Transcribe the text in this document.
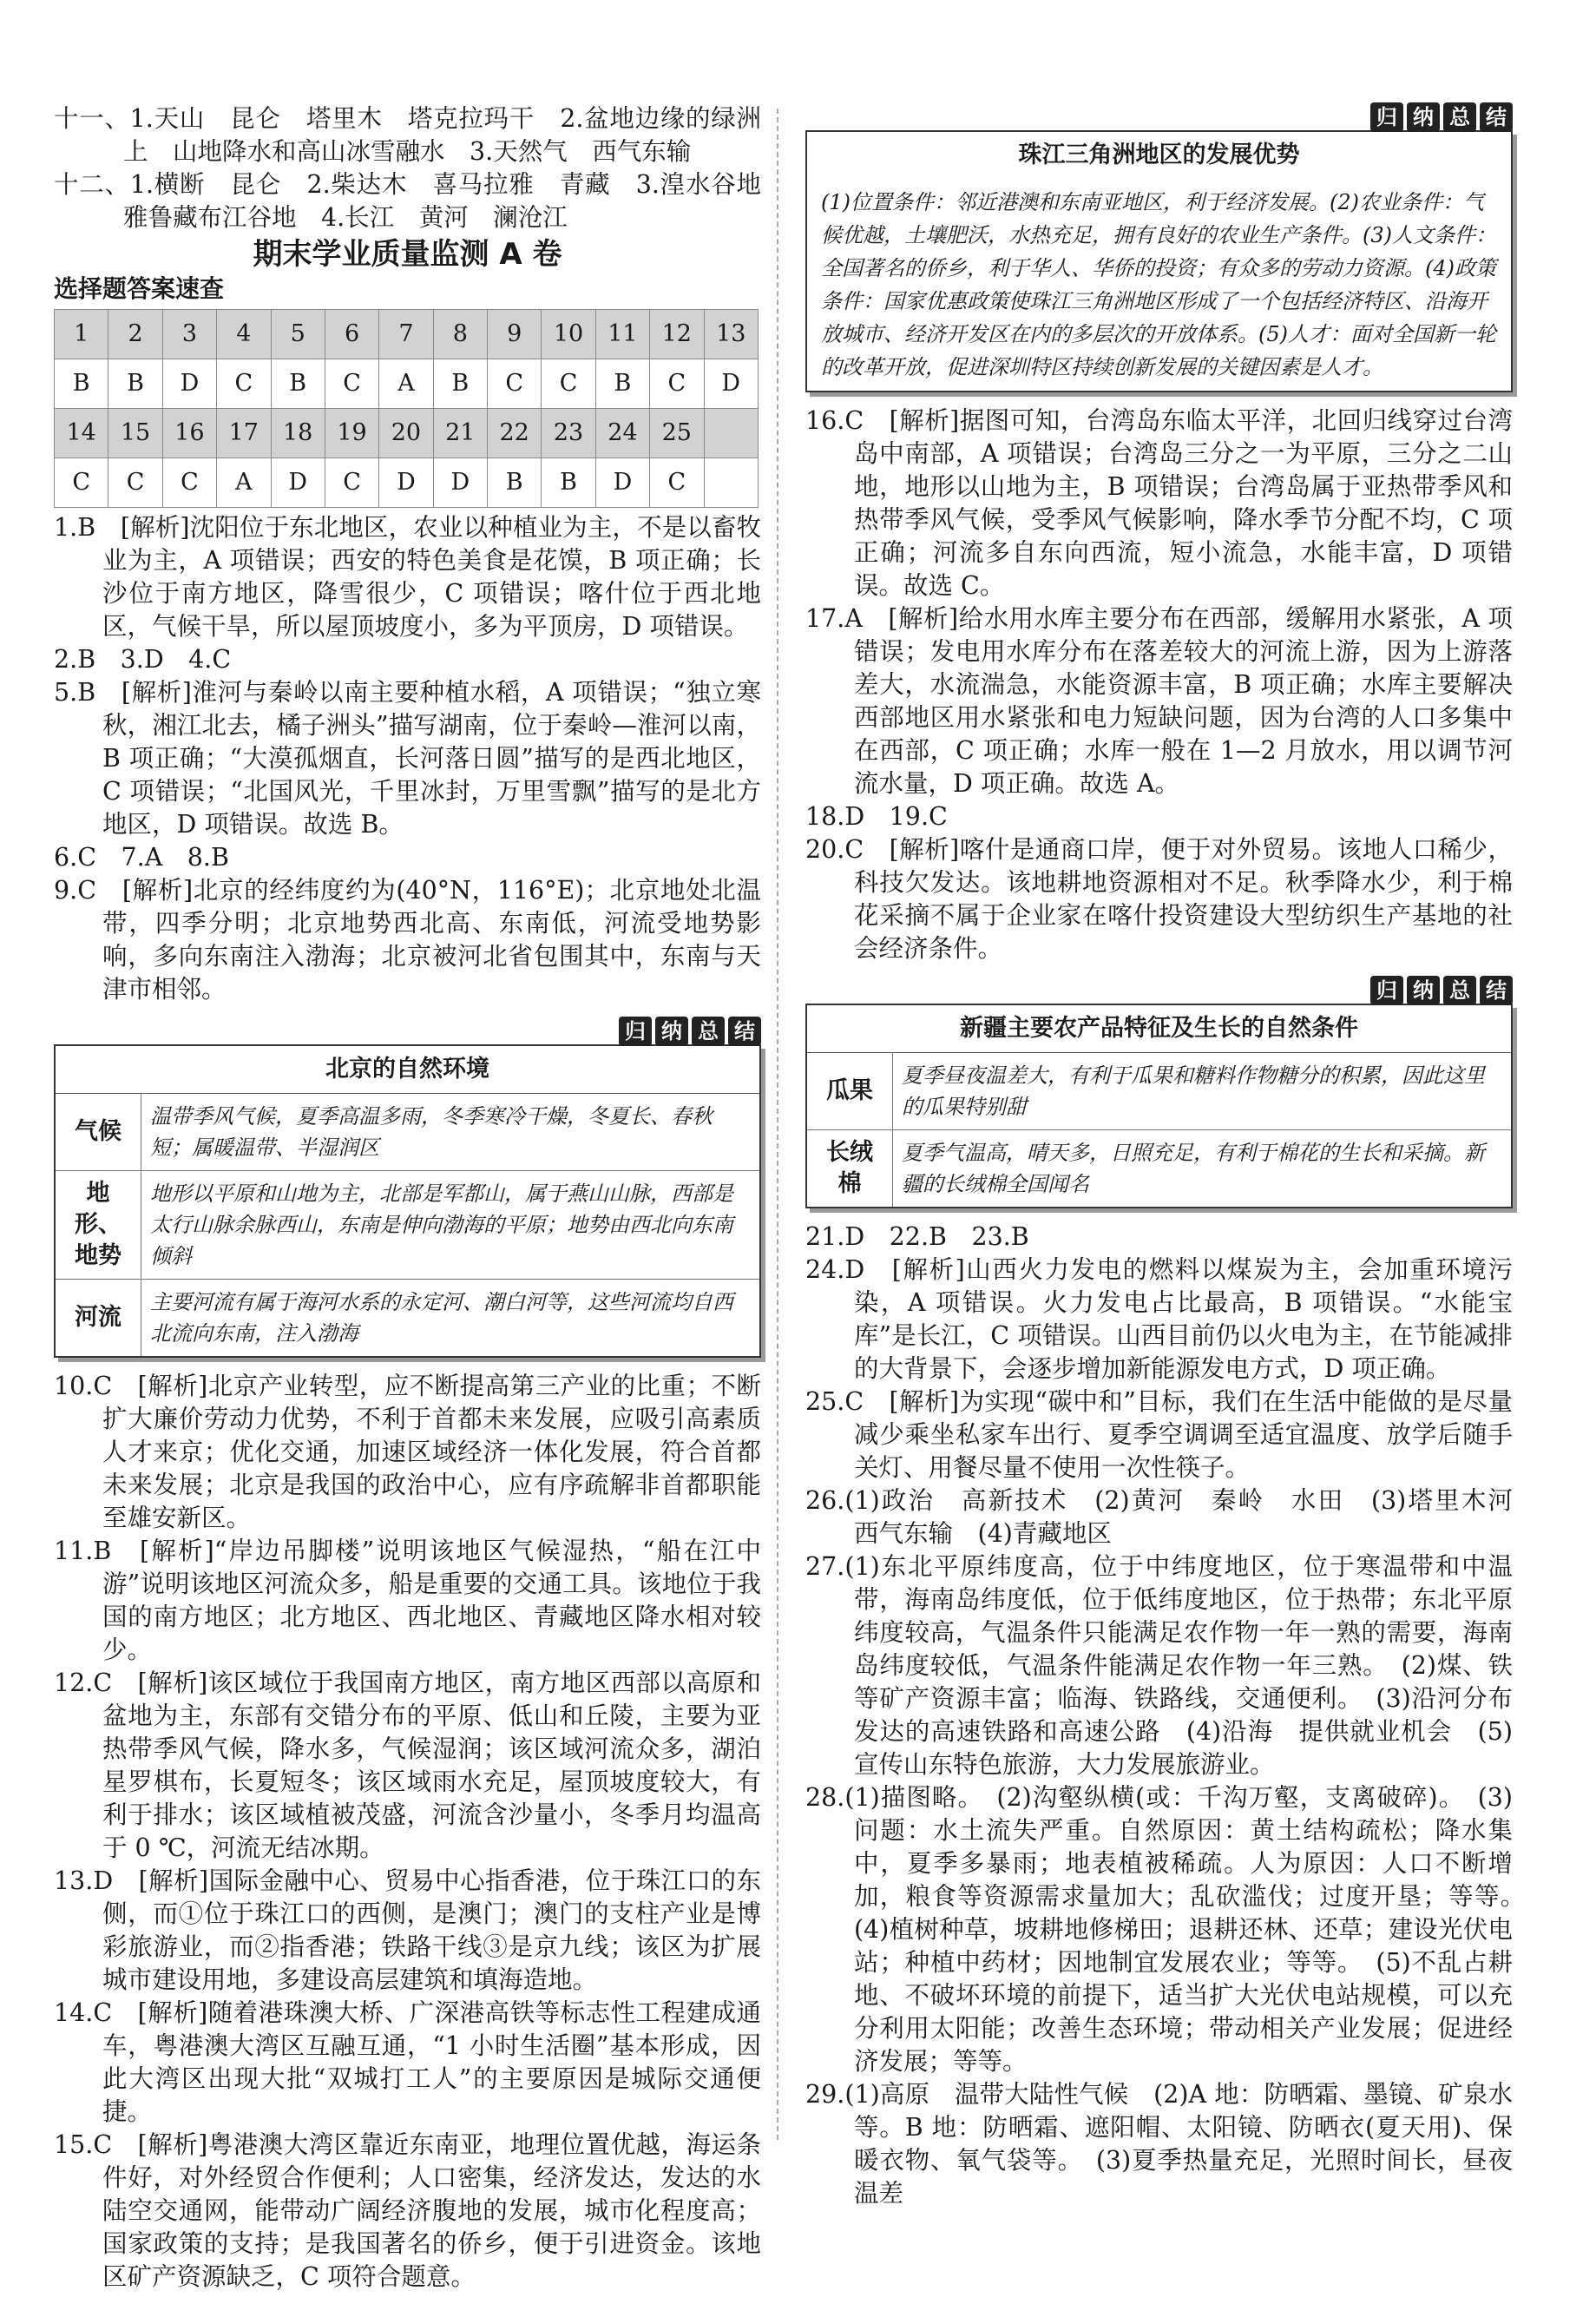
十一、1.天山　昆仑　塔里木　塔克拉玛干　2.盆地边缘的绿洲上　山地降水和高山冰雪融水　3.天然气　西气东输

十二、1.横断　昆仑　2.柴达木　喜马拉雅　青藏　3.湟水谷地　雅鲁藏布江谷地　4.长江　黄河　澜沧江

期末学业质量监测 A 卷
选择题答案速查
1	2	3	4	5	6	7	8	9	10	11	12	13
B	B	D	C	B	C	A	B	C	C	B	C	D
14	15	16	17	18	19	20	21	22	23	24	25	
C	C	C	A	D	C	D	D	B	B	D	C	

1.B　[解析]沈阳位于东北地区，农业以种植业为主，不是以畜牧业为主，A 项错误；西安的特色美食是花馍，B 项正确；长沙位于南方地区，降雪很少，C 项错误；喀什位于西北地区，气候干旱，所以屋顶坡度小，多为平顶房，D 项错误。

2.B　3.D　4.C

5.B　[解析]淮河与秦岭以南主要种植水稻，A 项错误；“独立寒秋，湘江北去，橘子洲头”描写湖南，位于秦岭—淮河以南，B 项正确；“大漠孤烟直，长河落日圆”描写的是西北地区，C 项错误；“北国风光，千里冰封，万里雪飘”描写的是北方地区，D 项错误。故选 B。

6.C　7.A　8.B

9.C　[解析]北京的经纬度约为(40°N，116°E)；北京地处北温带，四季分明；北京地势西北高、东南低，河流受地势影响，多向东南注入渤海；北京被河北省包围其中，东南与天津市相邻。

归 纳 总 结
北京的自然环境
气候	温带季风气候，夏季高温多雨，冬季寒冷干燥，冬夏长、春秋短；属暖温带、半湿润区
地形、地势	地形以平原和山地为主，北部是军都山，属于燕山山脉，西部是太行山脉余脉西山，东南是伸向渤海的平原；地势由西北向东南倾斜
河流	主要河流有属于海河水系的永定河、潮白河等，这些河流均自西北流向东南，注入渤海

10.C　[解析]北京产业转型，应不断提高第三产业的比重；不断扩大廉价劳动力优势，不利于首都未来发展，应吸引高素质人才来京；优化交通，加速区域经济一体化发展，符合首都未来发展；北京是我国的政治中心，应有序疏解非首都职能至雄安新区。

11.B　[解析]“岸边吊脚楼”说明该地区气候湿热，“船在江中游”说明该地区河流众多，船是重要的交通工具。该地位于我国的南方地区；北方地区、西北地区、青藏地区降水相对较少。

12.C　[解析]该区域位于我国南方地区，南方地区西部以高原和盆地为主，东部有交错分布的平原、低山和丘陵，主要为亚热带季风气候，降水多，气候湿润；该区域河流众多，湖泊星罗棋布，长夏短冬；该区域雨水充足，屋顶坡度较大，有利于排水；该区域植被茂盛，河流含沙量小，冬季月均温高于 0 ℃，河流无结冰期。

13.D　[解析]国际金融中心、贸易中心指香港，位于珠江口的东侧，而①位于珠江口的西侧，是澳门；澳门的支柱产业是博彩旅游业，而②指香港；铁路干线③是京九线；该区为扩展城市建设用地，多建设高层建筑和填海造地。

14.C　[解析]随着港珠澳大桥、广深港高铁等标志性工程建成通车，粤港澳大湾区互融互通，“1 小时生活圈”基本形成，因此大湾区出现大批“双城打工人”的主要原因是城际交通便捷。

15.C　[解析]粤港澳大湾区靠近东南亚，地理位置优越，海运条件好，对外经贸合作便利；人口密集，经济发达，发达的水陆空交通网，能带动广阔经济腹地的发展，城市化程度高；国家政策的支持；是我国著名的侨乡，便于引进资金。该地区矿产资源缺乏，C 项符合题意。

归 纳 总 结
珠江三角洲地区的发展优势
(1)位置条件：邻近港澳和东南亚地区，利于经济发展。(2)农业条件：气候优越，土壤肥沃，水热充足，拥有良好的农业生产条件。(3)人文条件：全国著名的侨乡，利于华人、华侨的投资；有众多的劳动力资源。(4)政策条件：国家优惠政策使珠江三角洲地区形成了一个包括经济特区、沿海开放城市、经济开发区在内的多层次的开放体系。(5)人才：面对全国新一轮的改革开放，促进深圳特区持续创新发展的关键因素是人才。

16.C　[解析]据图可知，台湾岛东临太平洋，北回归线穿过台湾岛中南部，A 项错误；台湾岛三分之一为平原，三分之二山地，地形以山地为主，B 项错误；台湾岛属于亚热带季风和热带季风气候，受季风气候影响，降水季节分配不均，C 项正确；河流多自东向西流，短小流急，水能丰富，D 项错误。故选 C。

17.A　[解析]给水用水库主要分布在西部，缓解用水紧张，A 项错误；发电用水库分布在落差较大的河流上游，因为上游落差大，水流湍急，水能资源丰富，B 项正确；水库主要解决西部地区用水紧张和电力短缺问题，因为台湾的人口多集中在西部，C 项正确；水库一般在 1—2 月放水，用以调节河流水量，D 项正确。故选 A。

18.D　19.C

20.C　[解析]喀什是通商口岸，便于对外贸易。该地人口稀少，科技欠发达。该地耕地资源相对不足。秋季降水少，利于棉花采摘不属于企业家在喀什投资建设大型纺织生产基地的社会经济条件。

归 纳 总 结
新疆主要农产品特征及生长的自然条件
瓜果	夏季昼夜温差大，有利于瓜果和糖料作物糖分的积累，因此这里的瓜果特别甜
长绒棉	夏季气温高，晴天多，日照充足，有利于棉花的生长和采摘。新疆的长绒棉全国闻名

21.D　22.B　23.B

24.D　[解析]山西火力发电的燃料以煤炭为主，会加重环境污染，A 项错误。火力发电占比最高，B 项错误。“水能宝库”是长江，C 项错误。山西目前仍以火电为主，在节能减排的大背景下，会逐步增加新能源发电方式，D 项正确。

25.C　[解析]为实现“碳中和”目标，我们在生活中能做的是尽量减少乘坐私家车出行、夏季空调调至适宜温度、放学后随手关灯、用餐尽量不使用一次性筷子。

26.(1)政治　高新技术　(2)黄河　秦岭　水田　(3)塔里木河　西气东输　(4)青藏地区

27.(1)东北平原纬度高，位于中纬度地区，位于寒温带和中温带，海南岛纬度低，位于低纬度地区，位于热带；东北平原纬度较高，气温条件只能满足农作物一年一熟的需要，海南岛纬度较低，气温条件能满足农作物一年三熟。　(2)煤、铁等矿产资源丰富；临海、铁路线，交通便利。　(3)沿河分布　发达的高速铁路和高速公路　(4)沿海　提供就业机会　(5)宣传山东特色旅游，大力发展旅游业。

28.(1)描图略。　(2)沟壑纵横(或：千沟万壑，支离破碎)。　(3)问题：水土流失严重。自然原因：黄土结构疏松；降水集中，夏季多暴雨；地表植被稀疏。人为原因：人口不断增加，粮食等资源需求量加大；乱砍滥伐；过度开垦；等等。　(4)植树种草，坡耕地修梯田；退耕还林、还草；建设光伏电站；种植中药材；因地制宜发展农业；等等。　(5)不乱占耕地、不破坏环境的前提下，适当扩大光伏电站规模，可以充分利用太阳能；改善生态环境；带动相关产业发展；促进经济发展；等等。

29.(1)高原　温带大陆性气候　(2)A 地：防晒霜、墨镜、矿泉水等。B 地：防晒霜、遮阳帽、太阳镜、防晒衣(夏天用)、保暖衣物、氧气袋等。　(3)夏季热量充足，光照时间长，昼夜温差
